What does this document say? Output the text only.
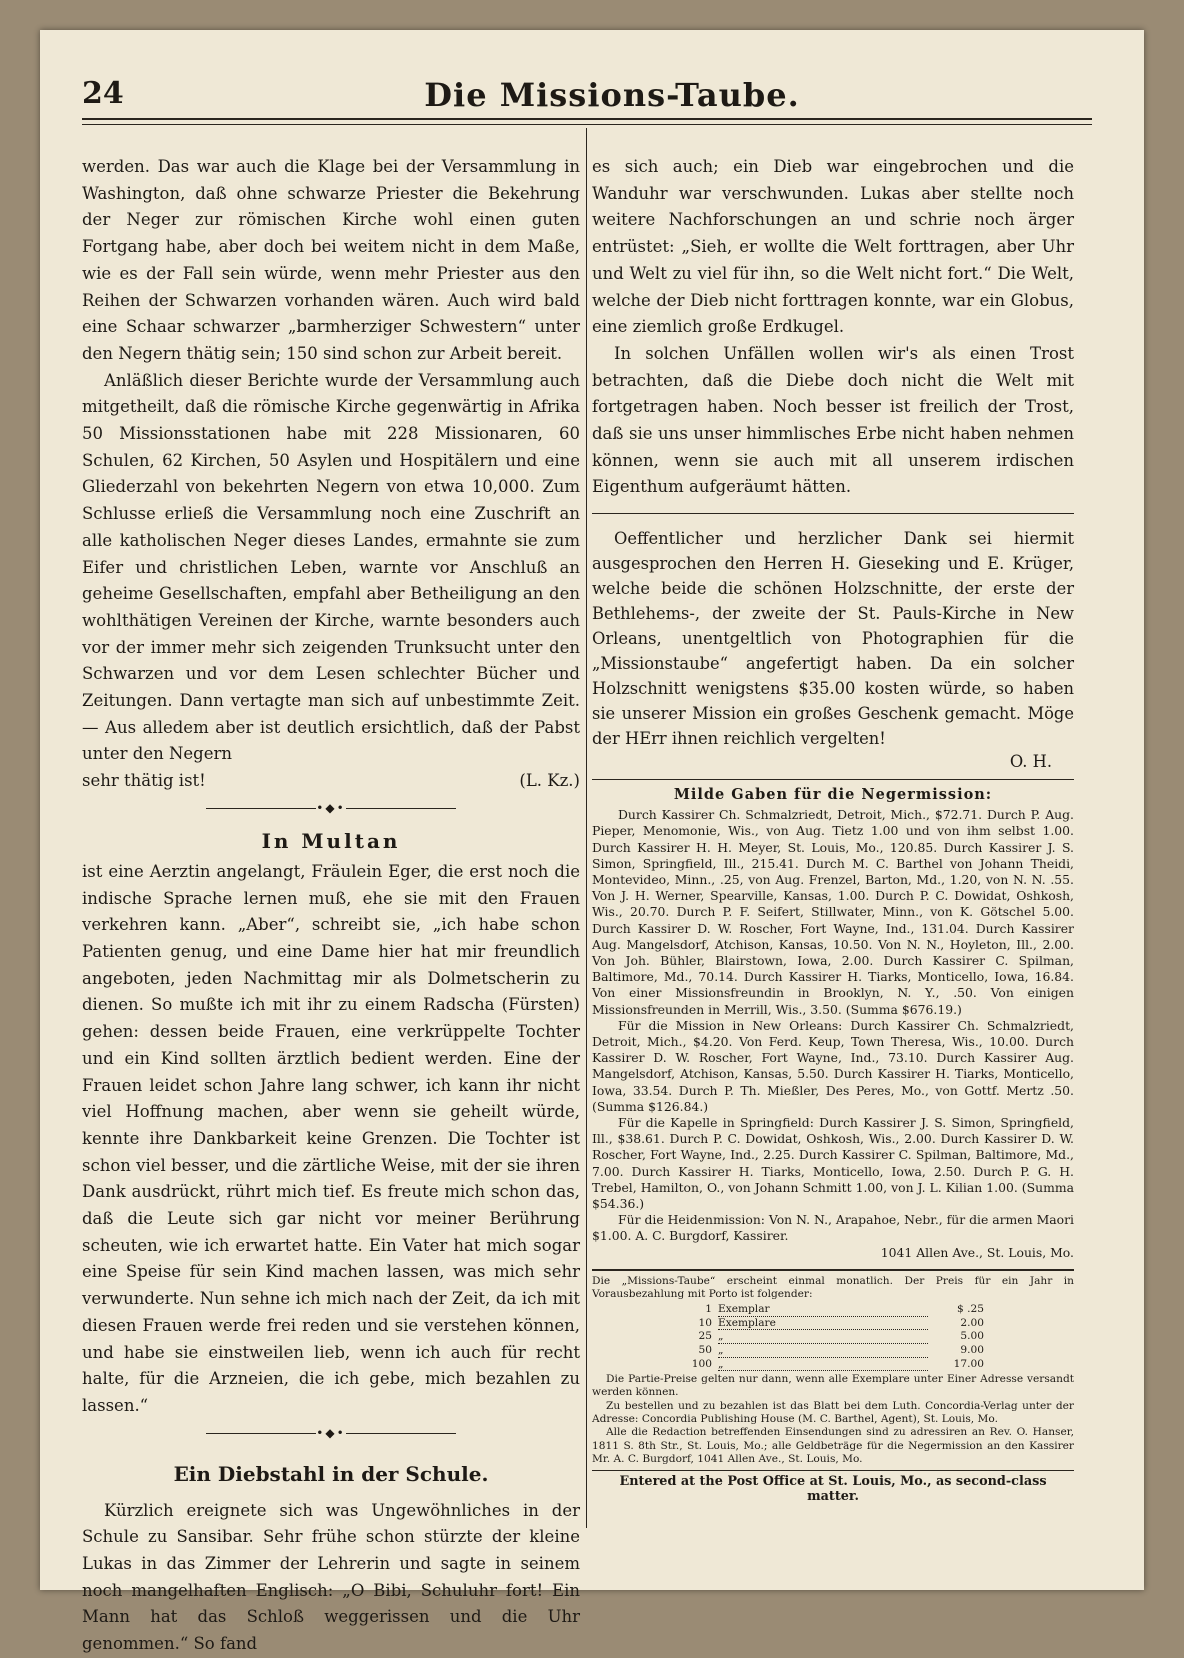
24	Die Missions-Taube.

werden. Das war auch die Klage bei der Versammlung in Washington, daß ohne schwarze Priester die Bekehrung der Neger zur römischen Kirche wohl einen guten Fortgang habe, aber doch bei weitem nicht in dem Maße, wie es der Fall sein würde, wenn mehr Priester aus den Reihen der Schwarzen vorhanden wären. Auch wird bald eine Schaar schwarzer „barmherziger Schwestern“ unter den Negern thätig sein; 150 sind schon zur Arbeit bereit.

Anläßlich dieser Berichte wurde der Versammlung auch mitgetheilt, daß die römische Kirche gegenwärtig in Afrika 50 Missionsstationen habe mit 228 Missionaren, 60 Schulen, 62 Kirchen, 50 Asylen und Hospitälern und eine Gliederzahl von bekehrten Negern von etwa 10,000. Zum Schlusse erließ die Versammlung noch eine Zuschrift an alle katholischen Neger dieses Landes, ermahnte sie zum Eifer und christlichen Leben, warnte vor Anschluß an geheime Gesellschaften, empfahl aber Betheiligung an den wohlthätigen Vereinen der Kirche, warnte besonders auch vor der immer mehr sich zeigenden Trunksucht unter den Schwarzen und vor dem Lesen schlechter Bücher und Zeitungen. Dann vertagte man sich auf unbestimmte Zeit. — Aus alledem aber ist deutlich ersichtlich, daß der Pabst unter den Negern

sehr thätig ist!	(L. Kz.)
•◆•
In Multan

ist eine Aerztin angelangt, Fräulein Eger, die erst noch die indische Sprache lernen muß, ehe sie mit den Frauen verkehren kann. „Aber“, schreibt sie, „ich habe schon Patienten genug, und eine Dame hier hat mir freundlich angeboten, jeden Nachmittag mir als Dolmetscherin zu dienen. So mußte ich mit ihr zu einem Radscha (Fürsten) gehen: dessen beide Frauen, eine verkrüppelte Tochter und ein Kind sollten ärztlich bedient werden. Eine der Frauen leidet schon Jahre lang schwer, ich kann ihr nicht viel Hoffnung machen, aber wenn sie geheilt würde, kennte ihre Dankbarkeit keine Grenzen. Die Tochter ist schon viel besser, und die zärtliche Weise, mit der sie ihren Dank ausdrückt, rührt mich tief. Es freute mich schon das, daß die Leute sich gar nicht vor meiner Berührung scheuten, wie ich erwartet hatte. Ein Vater hat mich sogar eine Speise für sein Kind machen lassen, was mich sehr verwunderte. Nun sehne ich mich nach der Zeit, da ich mit diesen Frauen werde frei reden und sie verstehen können, und habe sie einstweilen lieb, wenn ich auch für recht halte, für die Arzneien, die ich gebe, mich bezahlen zu lassen.“

•◆•
Ein Diebstahl in der Schule.

Kürzlich ereignete sich was Ungewöhnliches in der Schule zu Sansibar. Sehr frühe schon stürzte der kleine Lukas in das Zimmer der Lehrerin und sagte in seinem noch mangelhaften Englisch: „O Bibi, Schuluhr fort! Ein Mann hat das Schloß weggerissen und die Uhr genommen.“ So fand

es sich auch; ein Dieb war eingebrochen und die Wanduhr war verschwunden. Lukas aber stellte noch weitere Nachforschungen an und schrie noch ärger entrüstet: „Sieh, er wollte die Welt forttragen, aber Uhr und Welt zu viel für ihn, so die Welt nicht fort.“ Die Welt, welche der Dieb nicht forttragen konnte, war ein Globus, eine ziemlich große Erdkugel.

In solchen Unfällen wollen wir's als einen Trost betrachten, daß die Diebe doch nicht die Welt mit fortgetragen haben. Noch besser ist freilich der Trost, daß sie uns unser himmlisches Erbe nicht haben nehmen können, wenn sie auch mit all unserem irdischen Eigenthum aufgeräumt hätten.

Oeffentlicher und herzlicher Dank sei hiermit ausgesprochen den Herren H. Gieseking und E. Krüger, welche beide die schönen Holzschnitte, der erste der Bethlehems-, der zweite der St. Pauls-Kirche in New Orleans, unentgeltlich von Photographien für die „Missionstaube“ angefertigt haben. Da ein solcher Holzschnitt wenigstens $35.00 kosten würde, so haben sie unserer Mission ein großes Geschenk gemacht. Möge der HErr ihnen reichlich vergelten!

O. H.
Milde Gaben für die Negermission:

Durch Kassirer Ch. Schmalzriedt, Detroit, Mich., $72.71. Durch P. Aug. Pieper, Menomonie, Wis., von Aug. Tietz 1.00 und von ihm selbst 1.00. Durch Kassirer H. H. Meyer, St. Louis, Mo., 120.85. Durch Kassirer J. S. Simon, Springfield, Ill., 215.41. Durch M. C. Barthel von Johann Theidi, Montevideo, Minn., .25, von Aug. Frenzel, Barton, Md., 1.20, von N. N. .55. Von J. H. Werner, Spearville, Kansas, 1.00. Durch P. C. Dowidat, Oshkosh, Wis., 20.70. Durch P. F. Seifert, Stillwater, Minn., von K. Götschel 5.00. Durch Kassirer D. W. Roscher, Fort Wayne, Ind., 131.04. Durch Kassirer Aug. Mangelsdorf, Atchison, Kansas, 10.50. Von N. N., Hoyleton, Ill., 2.00. Von Joh. Bühler, Blairstown, Iowa, 2.00. Durch Kassirer C. Spilman, Baltimore, Md., 70.14. Durch Kassirer H. Tiarks, Monticello, Iowa, 16.84. Von einer Missionsfreundin in Brooklyn, N. Y., .50. Von einigen Missionsfreunden in Merrill, Wis., 3.50. (Summa $676.19.)

Für die Mission in New Orleans: Durch Kassirer Ch. Schmalzriedt, Detroit, Mich., $4.20. Von Ferd. Keup, Town Theresa, Wis., 10.00. Durch Kassirer D. W. Roscher, Fort Wayne, Ind., 73.10. Durch Kassirer Aug. Mangelsdorf, Atchison, Kansas, 5.50. Durch Kassirer H. Tiarks, Monticello, Iowa, 33.54. Durch P. Th. Mießler, Des Peres, Mo., von Gottf. Mertz .50. (Summa $126.84.)

Für die Kapelle in Springfield: Durch Kassirer J. S. Simon, Springfield, Ill., $38.61. Durch P. C. Dowidat, Oshkosh, Wis., 2.00. Durch Kassirer D. W. Roscher, Fort Wayne, Ind., 2.25. Durch Kassirer C. Spilman, Baltimore, Md., 7.00. Durch Kassirer H. Tiarks, Monticello, Iowa, 2.50. Durch P. G. H. Trebel, Hamilton, O., von Johann Schmitt 1.00, von J. L. Kilian 1.00. (Summa $54.36.)

Für die Heidenmission: Von N. N., Arapahoe, Nebr., für die armen Maori $1.00. A. C. Burgdorf, Kassirer.

1041 Allen Ave., St. Louis, Mo.

Die „Missions-Taube“ erscheint einmal monatlich. Der Preis für ein Jahr in Vorausbezahlung mit Porto ist folgender:

1	Exemplar	$ .25
10	Exemplare	2.00
25	„	5.00
50	„	9.00
100	„	17.00

Die Partie-Preise gelten nur dann, wenn alle Exemplare unter Einer Adresse versandt werden können.

Zu bestellen und zu bezahlen ist das Blatt bei dem Luth. Concordia-Verlag unter der Adresse: Concordia Publishing House (M. C. Barthel, Agent), St. Louis, Mo.

Alle die Redaction betreffenden Einsendungen sind zu adressiren an Rev. O. Hanser, 1811 S. 8th Str., St. Louis, Mo.; alle Geldbeträge für die Negermission an den Kassirer Mr. A. C. Burgdorf, 1041 Allen Ave., St. Louis, Mo.

Entered at the Post Office at St. Louis, Mo., as second-class matter.
